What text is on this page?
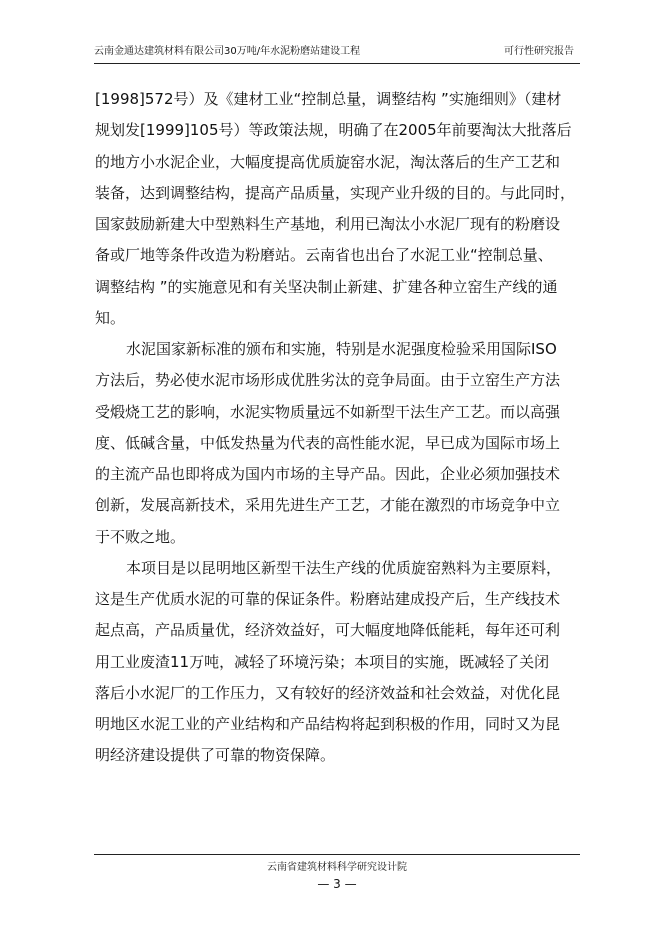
云南金通达建筑材料有限公司30万吨/年水泥粉磨站建设工程	可行性研究报告
[1998]572号）及《建材工业“控制总量，调整结构 ”实施细则》（建材
规划发[1999]105号）等政策法规，明确了在2005年前要淘汰大批落后
的地方小水泥企业，大幅度提高优质旋窑水泥，淘汰落后的生产工艺和
装备，达到调整结构，提高产品质量，实现产业升级的目的。与此同时，
国家鼓励新建大中型熟料生产基地，利用已淘汰小水泥厂现有的粉磨设
备或厂地等条件改造为粉磨站。云南省也出台了水泥工业“控制总量、
调整结构 ”的实施意见和有关坚决制止新建、扩建各种立窑生产线的通
知。
水泥国家新标准的颁布和实施，特别是水泥强度检验采用国际ISO
方法后，势必使水泥市场形成优胜劣汰的竞争局面。由于立窑生产方法
受煅烧工艺的影响，水泥实物质量远不如新型干法生产工艺。而以高强
度、低碱含量，中低发热量为代表的高性能水泥，早已成为国际市场上
的主流产品也即将成为国内市场的主导产品。因此，企业必须加强技术
创新，发展高新技术，采用先进生产工艺，才能在激烈的市场竞争中立
于不败之地。
本项目是以昆明地区新型干法生产线的优质旋窑熟料为主要原料，
这是生产优质水泥的可靠的保证条件。粉磨站建成投产后，生产线技术
起点高，产品质量优，经济效益好，可大幅度地降低能耗，每年还可利
用工业废渣11万吨，减轻了环境污染；本项目的实施，既减轻了关闭
落后小水泥厂的工作压力，又有较好的经济效益和社会效益，对优化昆
明地区水泥工业的产业结构和产品结构将起到积极的作用，同时又为昆
明经济建设提供了可靠的物资保障。
云南省建筑材料科学研究设计院
— 3 —
